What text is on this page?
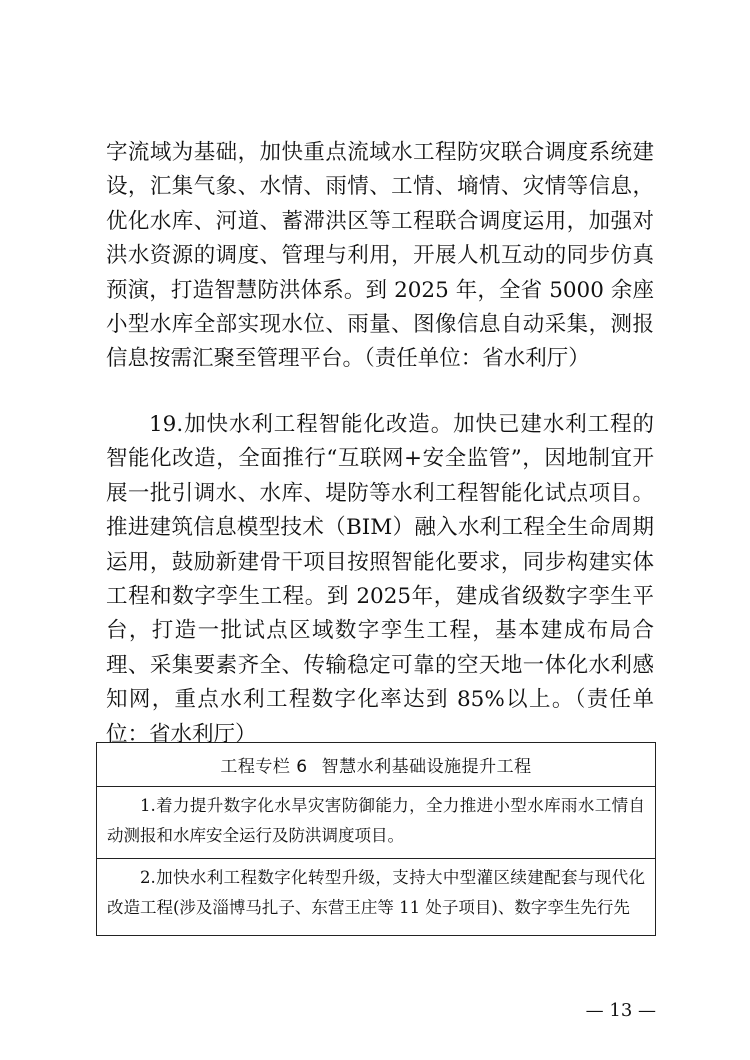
字流域为基础，加快重点流域水工程防灾联合调度系统建设，汇集气象、水情、雨情、工情、墒情、灾情等信息，优化水库、河道、蓄滞洪区等工程联合调度运用，加强对洪水资源的调度、管理与利用，开展人机互动的同步仿真预演，打造智慧防洪体系。到 2025 年，全省 5000 余座小型水库全部实现水位、雨量、图像信息自动采集，测报信息按需汇聚至管理平台。（责任单位：省水利厅）

19.加快水利工程智能化改造。加快已建水利工程的智能化改造，全面推行“互联网+安全监管”，因地制宜开展一批引调水、水库、堤防等水利工程智能化试点项目。推进建筑信息模型技术（BIM）融入水利工程全生命周期运用，鼓励新建骨干项目按照智能化要求，同步构建实体工程和数字孪生工程。到 2025年，建成省级数字孪生平台，打造一批试点区域数字孪生工程，基本建成布局合理、采集要素齐全、传输稳定可靠的空天地一体化水利感知网，重点水利工程数字化率达到 85%以上。（责任单位：省水利厅）

工程专栏 6 智慧水利基础设施提升工程
1.着力提升数字化水旱灾害防御能力，全力推进小型水库雨水工情自动测报和水库安全运行及防洪调度项目。
2.加快水利工程数字化转型升级，支持大中型灌区续建配套与现代化改造工程(涉及淄博马扎子、东营王庄等 11 处子项目)、数字孪生先行先
— 13 —
